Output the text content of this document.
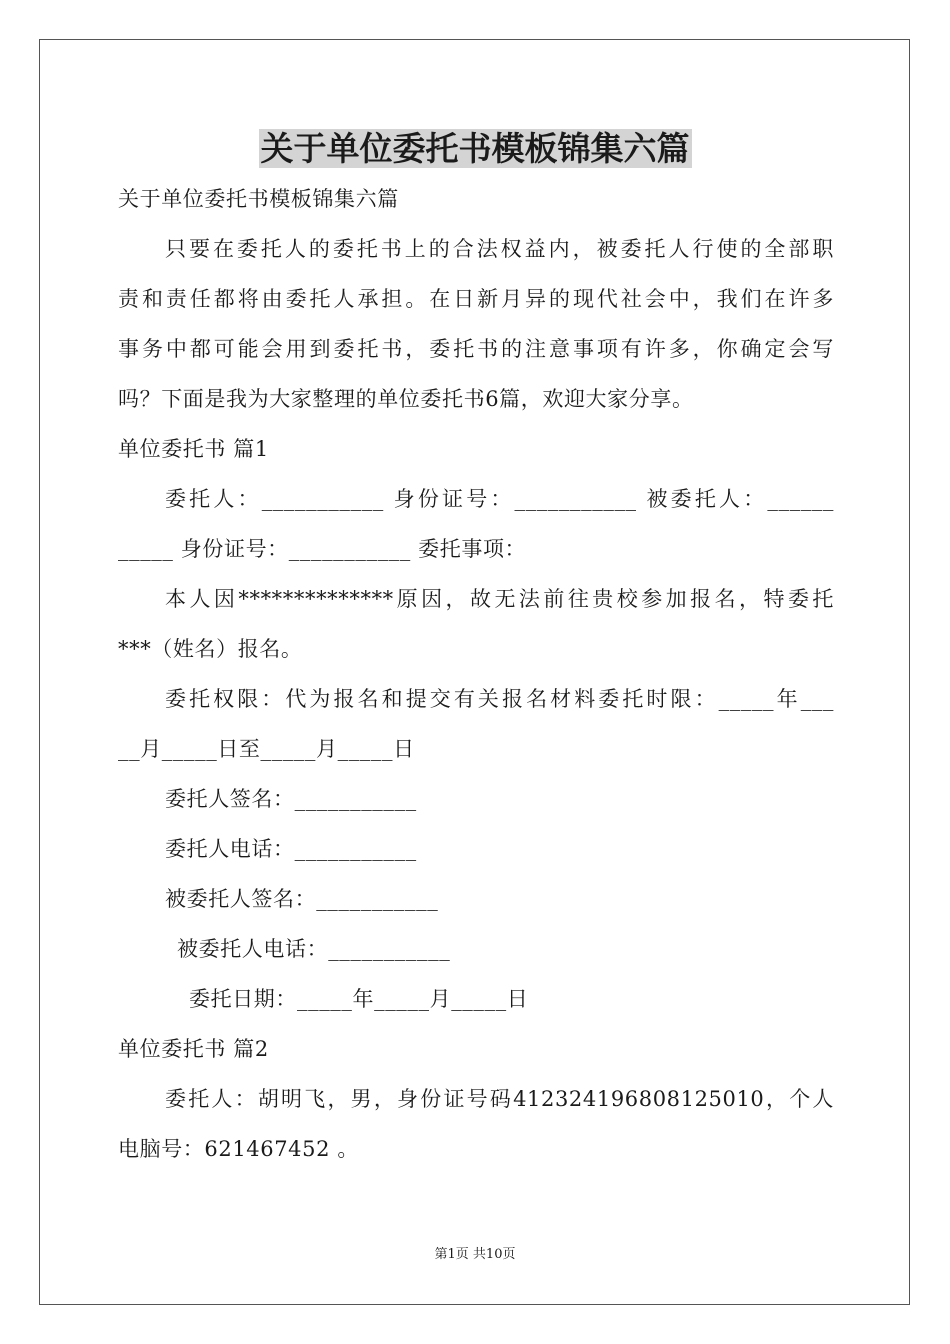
关于单位委托书模板锦集六篇
关于单位委托书模板锦集六篇
只要在委托人的委托书上的合法权益内，被委托人行使的全部职
责和责任都将由委托人承担。在日新月异的现代社会中，我们在许多
事务中都可能会用到委托书，委托书的注意事项有许多，你确定会写
吗？下面是我为大家整理的单位委托书6篇，欢迎大家分享。
单位委托书 篇1
委托人：___________ 身份证号：___________ 被委托人：______
_____ 身份证号：___________ 委托事项：
本人因**************原因，故无法前往贵校参加报名，特委托
***（姓名）报名。
委托权限：代为报名和提交有关报名材料委托时限：_____年___
__月_____日至_____月_____日
委托人签名：___________
委托人电话：___________
被委托人签名：___________
被委托人电话：___________
委托日期：_____年_____月_____日
单位委托书 篇2
委托人：胡明飞，男，身份证号码412324196808125010，个人
电脑号：621467452 。
第1页 共10页
